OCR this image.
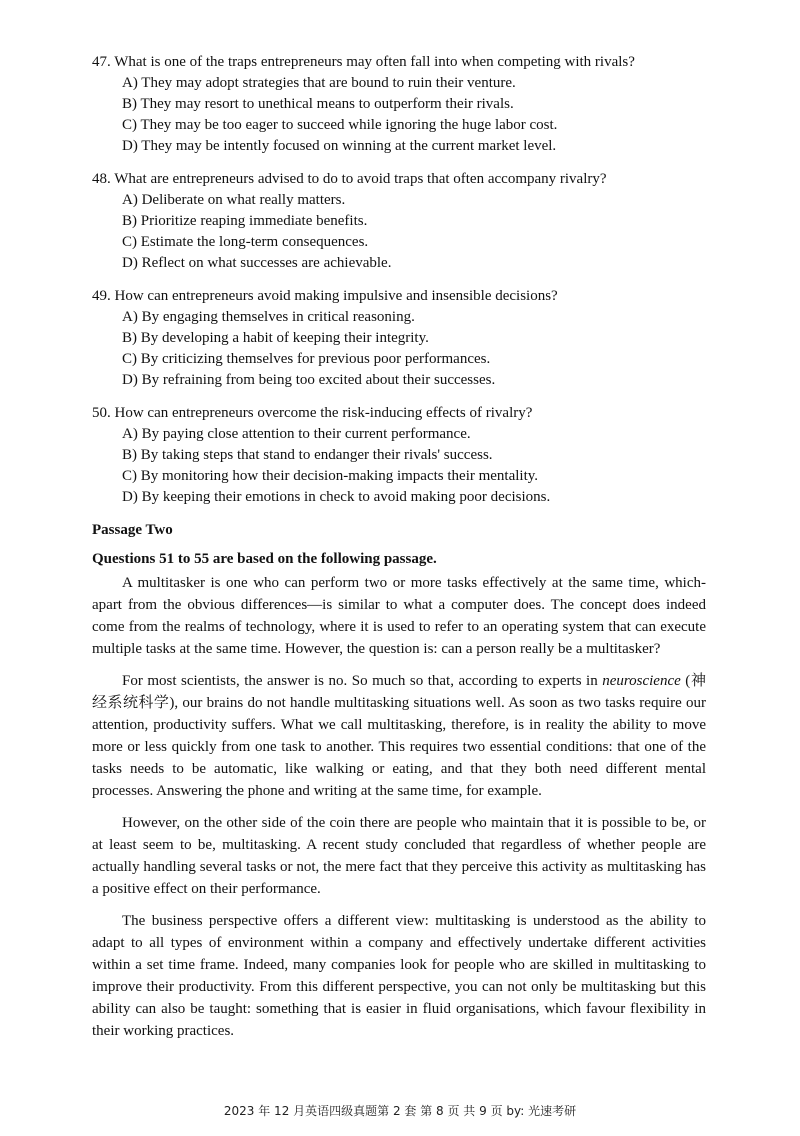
47. What is one of the traps entrepreneurs may often fall into when competing with rivals?

A) They may adopt strategies that are bound to ruin their venture.

B) They may resort to unethical means to outperform their rivals.

C) They may be too eager to succeed while ignoring the huge labor cost.

D) They may be intently focused on winning at the current market level.

48. What are entrepreneurs advised to do to avoid traps that often accompany rivalry?

A) Deliberate on what really matters.

B) Prioritize reaping immediate benefits.

C) Estimate the long-term consequences.

D) Reflect on what successes are achievable.

49. How can entrepreneurs avoid making impulsive and insensible decisions?

A) By engaging themselves in critical reasoning.

B) By developing a habit of keeping their integrity.

C) By criticizing themselves for previous poor performances.

D) By refraining from being too excited about their successes.

50. How can entrepreneurs overcome the risk-inducing effects of rivalry?

A) By paying close attention to their current performance.

B) By taking steps that stand to endanger their rivals' success.

C) By monitoring how their decision-making impacts their mentality.

D) By keeping their emotions in check to avoid making poor decisions.

Passage Two

Questions 51 to 55 are based on the following passage.

A multitasker is one who can perform two or more tasks effectively at the same time, which-apart from the obvious differences—is similar to what a computer does. The concept does indeed come from the realms of technology, where it is used to refer to an operating system that can execute multiple tasks at the same time. However, the question is: can a person really be a multitasker?

For most scientists, the answer is no. So much so that, according to experts in neuroscience (神经系统科学), our brains do not handle multitasking situations well. As soon as two tasks require our attention, productivity suffers. What we call multitasking, therefore, is in reality the ability to move more or less quickly from one task to another. This requires two essential conditions: that one of the tasks needs to be automatic, like walking or eating, and that they both need different mental processes. Answering the phone and writing at the same time, for example.

However, on the other side of the coin there are people who maintain that it is possible to be, or at least seem to be, multitasking. A recent study concluded that regardless of whether people are actually handling several tasks or not, the mere fact that they perceive this activity as multitasking has a positive effect on their performance.

The business perspective offers a different view: multitasking is understood as the ability to adapt to all types of environment within a company and effectively undertake different activities within a set time frame. Indeed, many companies look for people who are skilled in multitasking to improve their productivity. From this different perspective, you can not only be multitasking but this ability can also be taught: something that is easier in fluid organisations, which favour flexibility in their working practices.

2023 年 12 月英语四级真题第 2 套 第 8 页 共 9 页 by: 光速考研
